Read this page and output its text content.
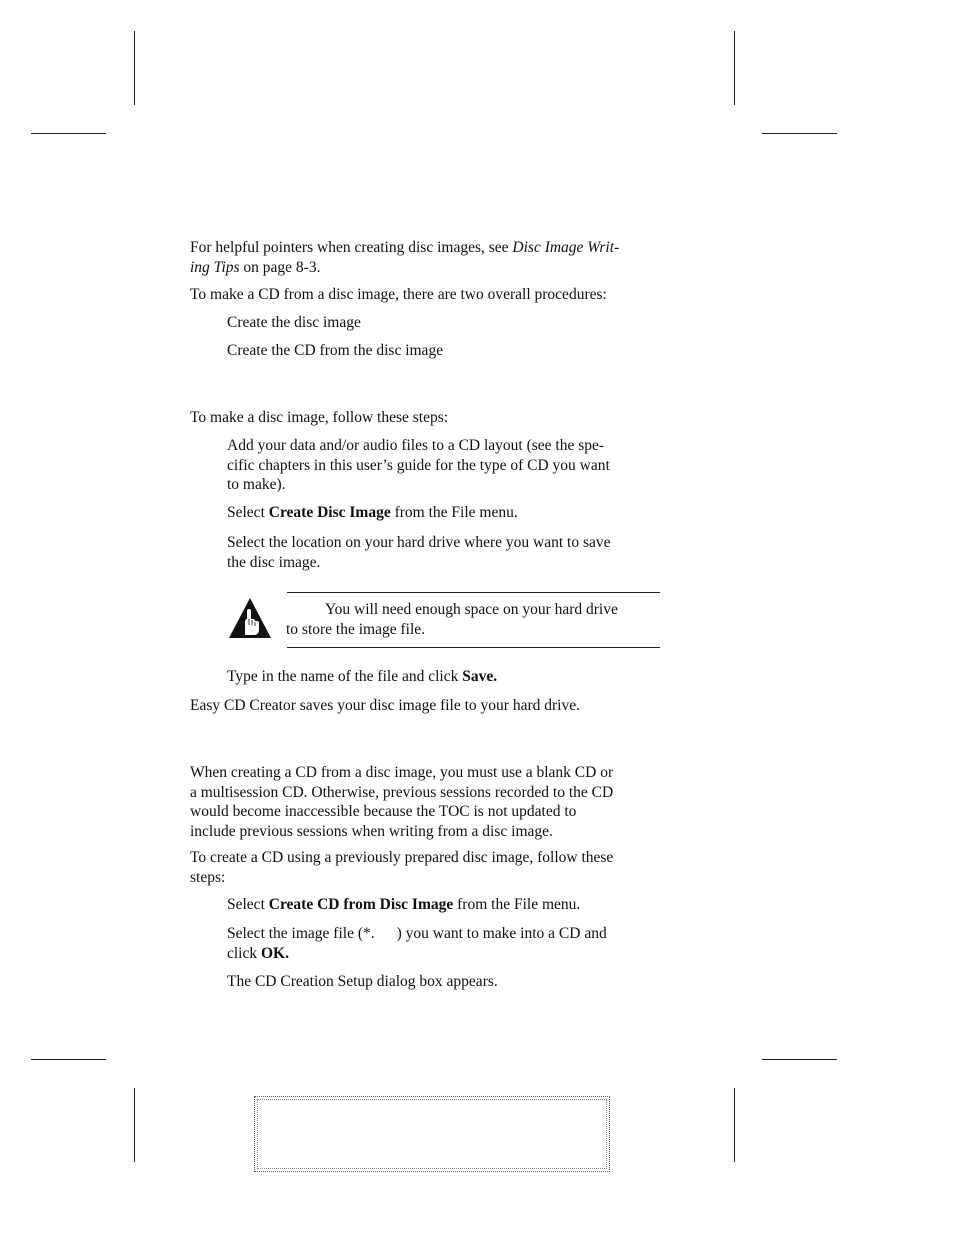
For helpful pointers when creating disc images, see Disc Image Writ-
ing Tips on page 8-3.

To make a CD from a disc image, there are two overall procedures:

Create the disc image

Create the CD from the disc image

To make a disc image, follow these steps:

Add your data and/or audio files to a CD layout (see the spe-
cific chapters in this user’s guide for the type of CD you want
to make).

Select Create Disc Image from the File menu.

Select the location on your hard drive where you want to save
the disc image.

You will need enough space on your hard drive
to store the image file.

Type in the name of the file and click Save.

Easy CD Creator saves your disc image file to your hard drive.

When creating a CD from a disc image, you must use a blank CD or
a multisession CD. Otherwise, previous sessions recorded to the CD
would become inaccessible because the TOC is not updated to
include previous sessions when writing from a disc image.

To create a CD using a previously prepared disc image, follow these
steps:

Select Create CD from Disc Image from the File menu.

Select the image file (*. ) you want to make into a CD and
click OK.

The CD Creation Setup dialog box appears.
